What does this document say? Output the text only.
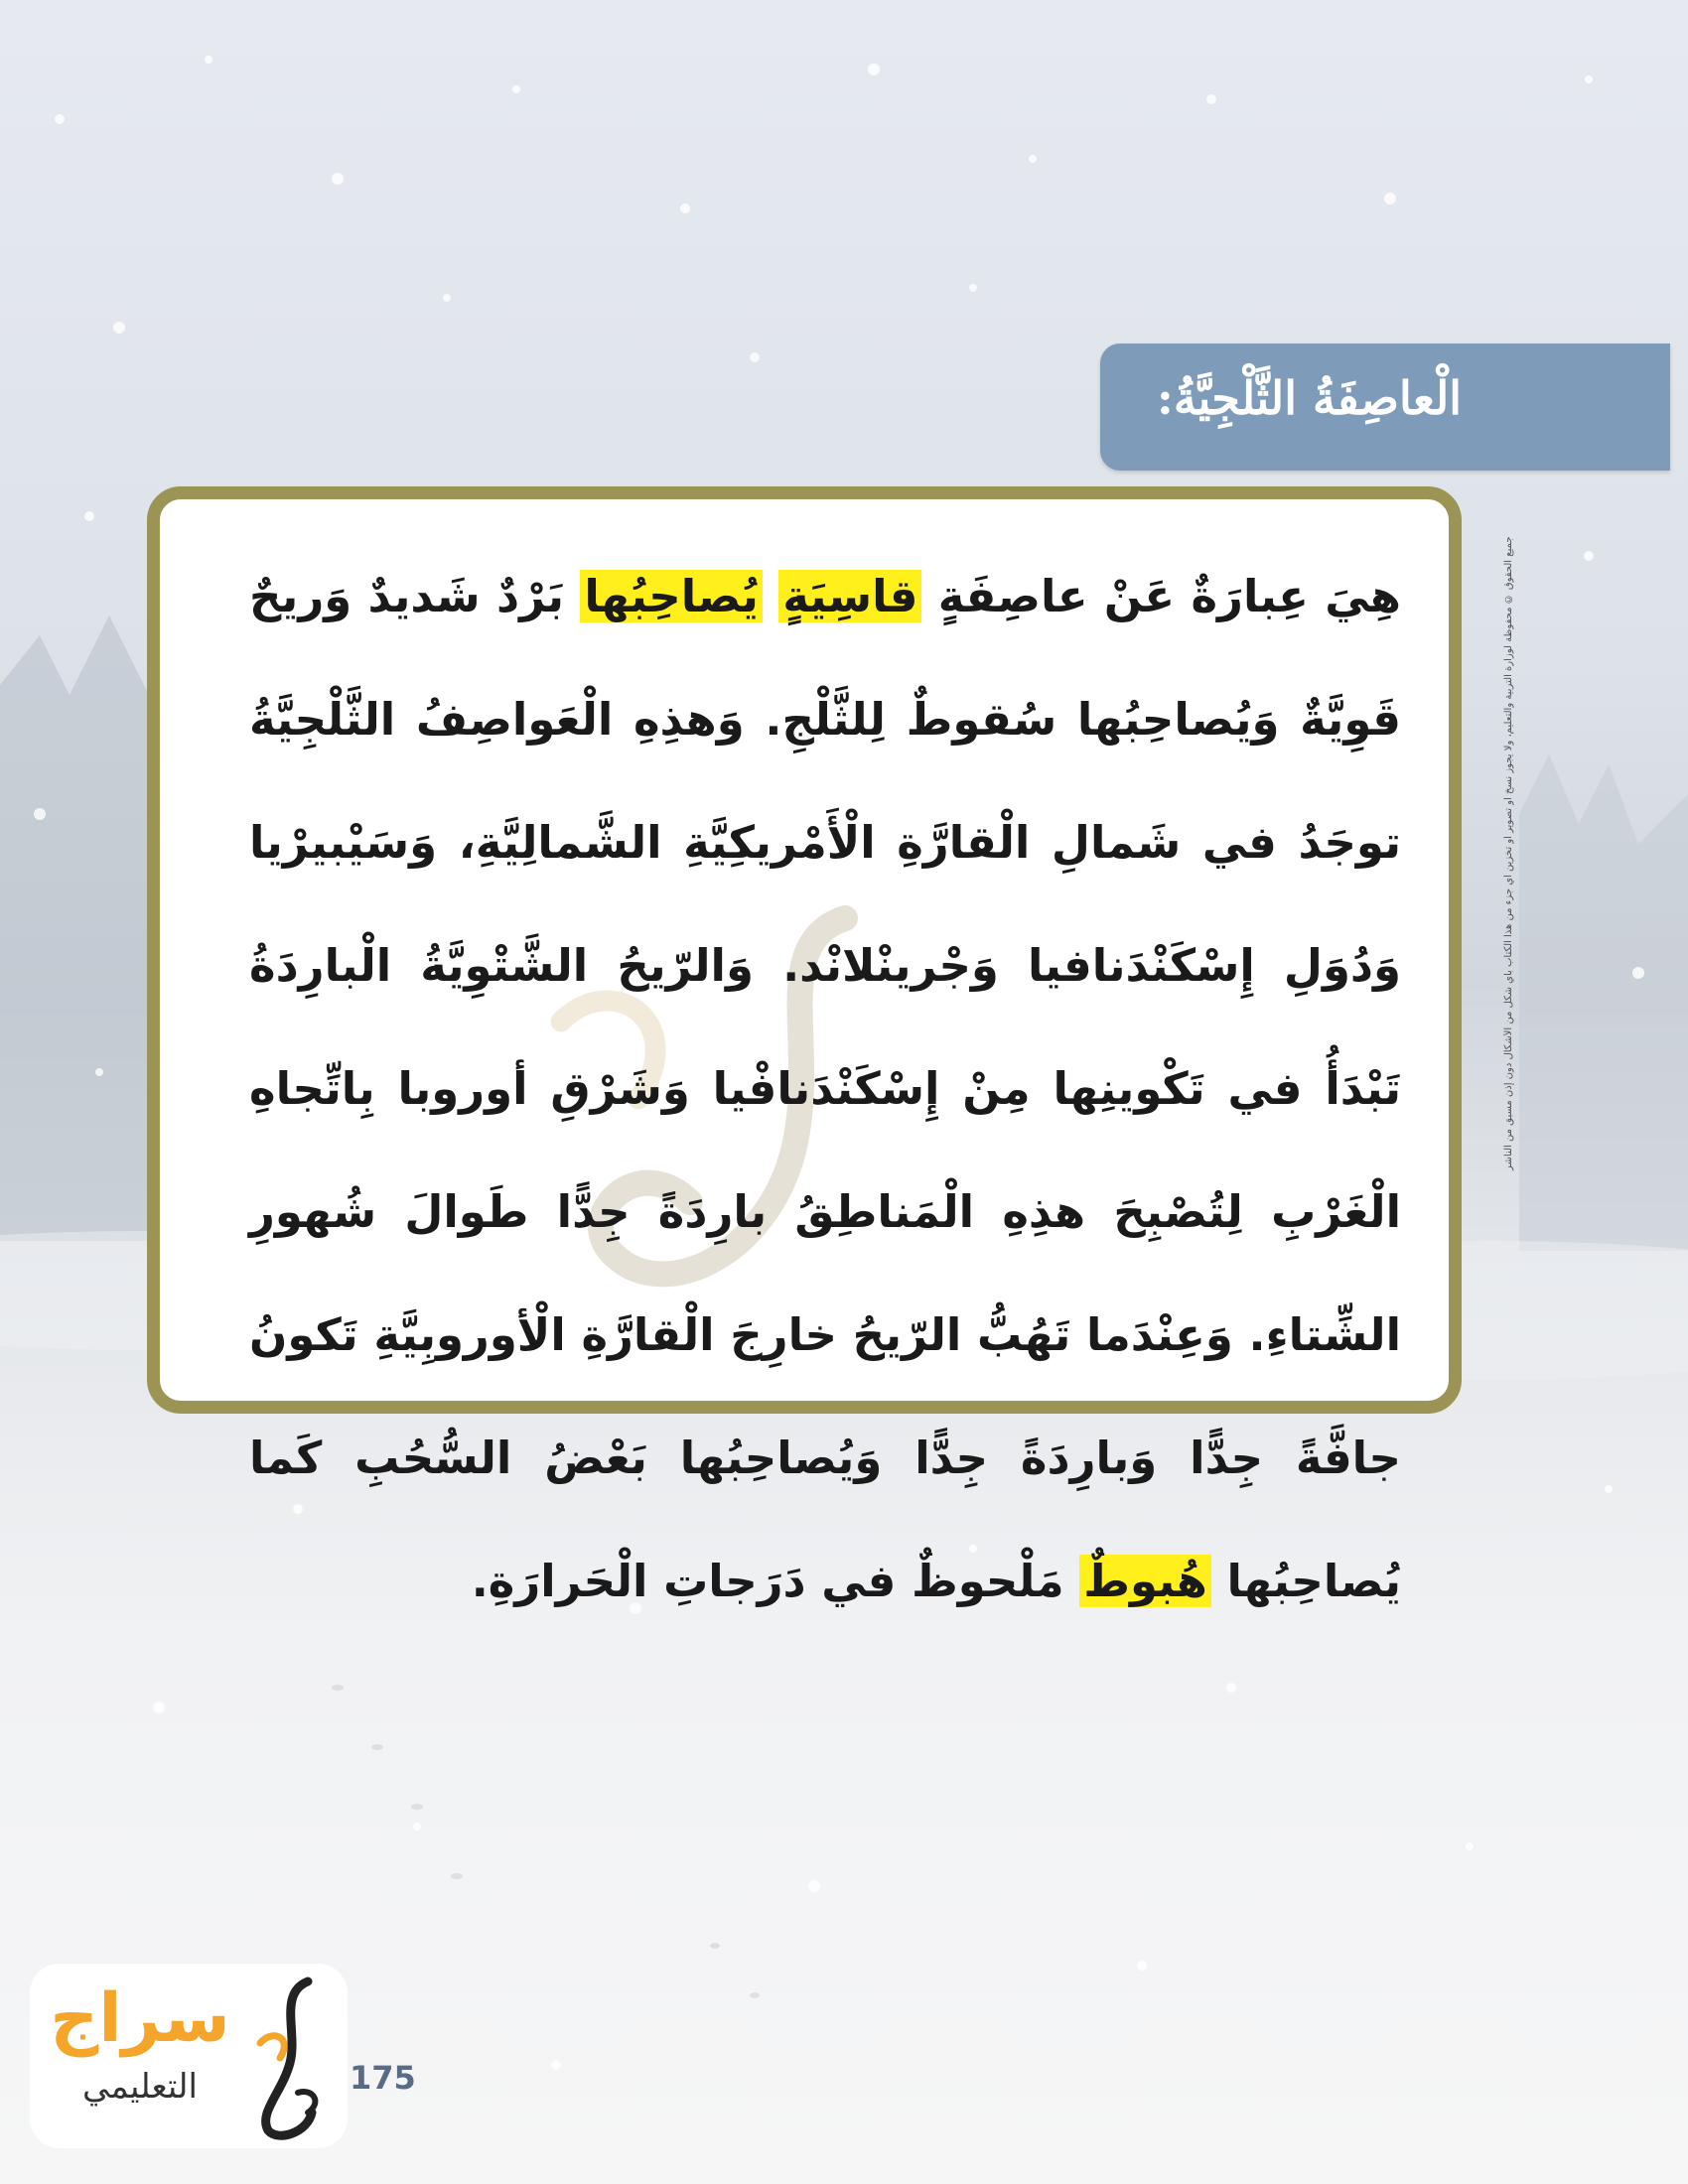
الْعاصِفَةُ الثَّلْجِيَّةُ:

هِيَ عِبارَةٌ عَنْ عاصِفَةٍ قاسِيَةٍ يُصاحِبُها بَرْدٌ شَديدٌ وَريحٌ قَوِيَّةٌ وَيُصاحِبُها سُقوطٌ لِلثَّلْجِ. وَهذِهِ الْعَواصِفُ الثَّلْجِيَّةُ توجَدُ في شَمالِ الْقارَّةِ الْأَمْريكِيَّةِ الشَّمالِيَّةِ، وَسَيْبيرْيا وَدُوَلِ إِسْكَنْدَنافيا وَجْرينْلانْد. وَالرّيحُ الشَّتْوِيَّةُ الْبارِدَةُ تَبْدَأُ في تَكْوينِها مِنْ إِسْكَنْدَنافْيا وَشَرْقِ أوروبا بِاتِّجاهِ الْغَرْبِ لِتُصْبِحَ هذِهِ الْمَناطِقُ بارِدَةً جِدًّا طَوالَ شُهورِ الشِّتاءِ. وَعِنْدَما تَهُبُّ الرّيحُ خارِجَ الْقارَّةِ الْأوروبِيَّةِ تَكونُ جافَّةً جِدًّا وَبارِدَةً جِدًّا وَيُصاحِبُها بَعْضُ السُّحُبِ كَما يُصاحِبُها هُبوطٌ مَلْحوظٌ في دَرَجاتِ الْحَرارَةِ.

جميع الحقوق © محفوظة لوزارة التربية والتعليم، ولا يجوز نسخ أو تصوير أو تخزين أي جزء من هذا الكتاب بأي شكل من الأشكال دون إذن مسبق من الناشر
سراج
التعليمي	175
